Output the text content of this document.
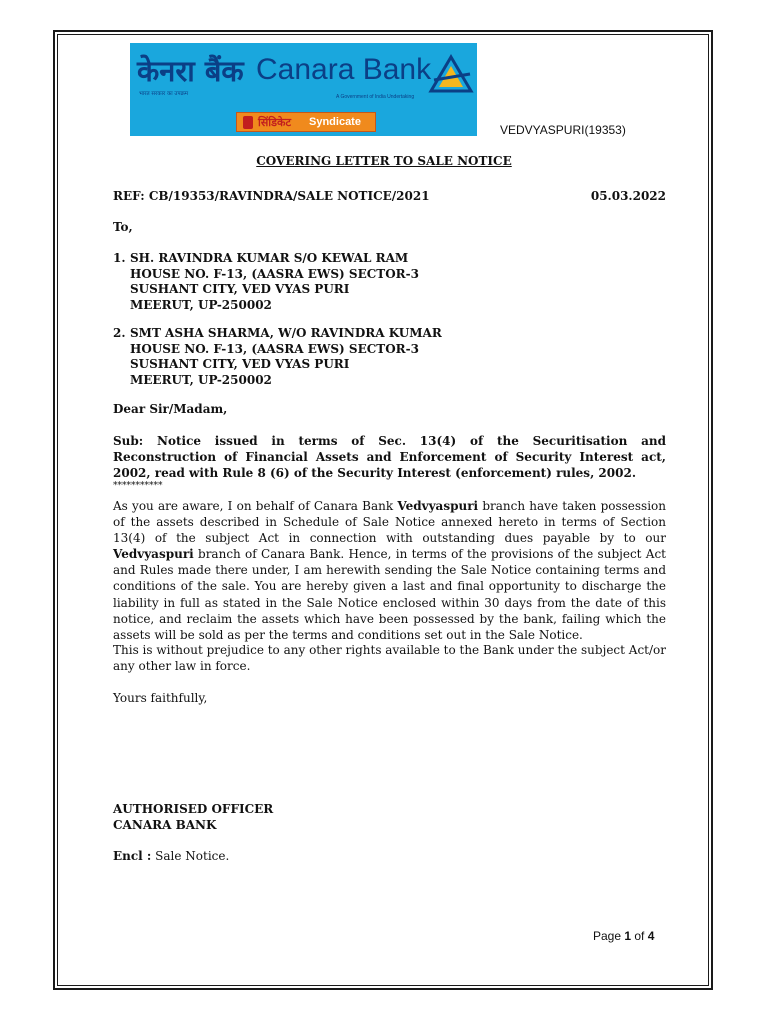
केनरा बैंक Canara Bank
भारत सरकार का उपक्रम	A Government of India Undertaking
सिंडिकेट Syndicate
VEDVYASPURI(19353)
COVERING LETTER TO SALE NOTICE
REF: CB/19353/RAVINDRA/SALE NOTICE/2021	05.03.2022
To,
1. SH. RAVINDRA KUMAR S/O KEWAL RAM
HOUSE NO. F-13, (AASRA EWS) SECTOR-3
SUSHANT CITY, VED VYAS PURI
MEERUT, UP-250002
2. SMT ASHA SHARMA, W/O RAVINDRA KUMAR
HOUSE NO. F-13, (AASRA EWS) SECTOR-3
SUSHANT CITY, VED VYAS PURI
MEERUT, UP-250002
Dear Sir/Madam,
Sub: Notice issued in terms of Sec. 13(4) of the Securitisation and Reconstruction of Financial Assets and Enforcement of Security Interest act, 2002, read with Rule 8 (6) of the Security Interest (enforcement) rules, 2002.
***********
As you are aware, I on behalf of Canara Bank Vedvyaspuri branch have taken possession of the assets described in Schedule of Sale Notice annexed hereto in terms of Section 13(4) of the subject Act in connection with outstanding dues payable by to our Vedvyaspuri branch of Canara Bank. Hence, in terms of the provisions of the subject Act and Rules made there under, I am herewith sending the Sale Notice containing terms and conditions of the sale. You are hereby given a last and final opportunity to discharge the liability in full as stated in the Sale Notice enclosed within 30 days from the date of this notice, and reclaim the assets which have been possessed by the bank, failing which the assets will be sold as per the terms and conditions set out in the Sale Notice.
This is without prejudice to any other rights available to the Bank under the subject Act/or any other law in force.
Yours faithfully,
AUTHORISED OFFICER
CANARA BANK
Encl : Sale Notice.
Page 1 of 4
